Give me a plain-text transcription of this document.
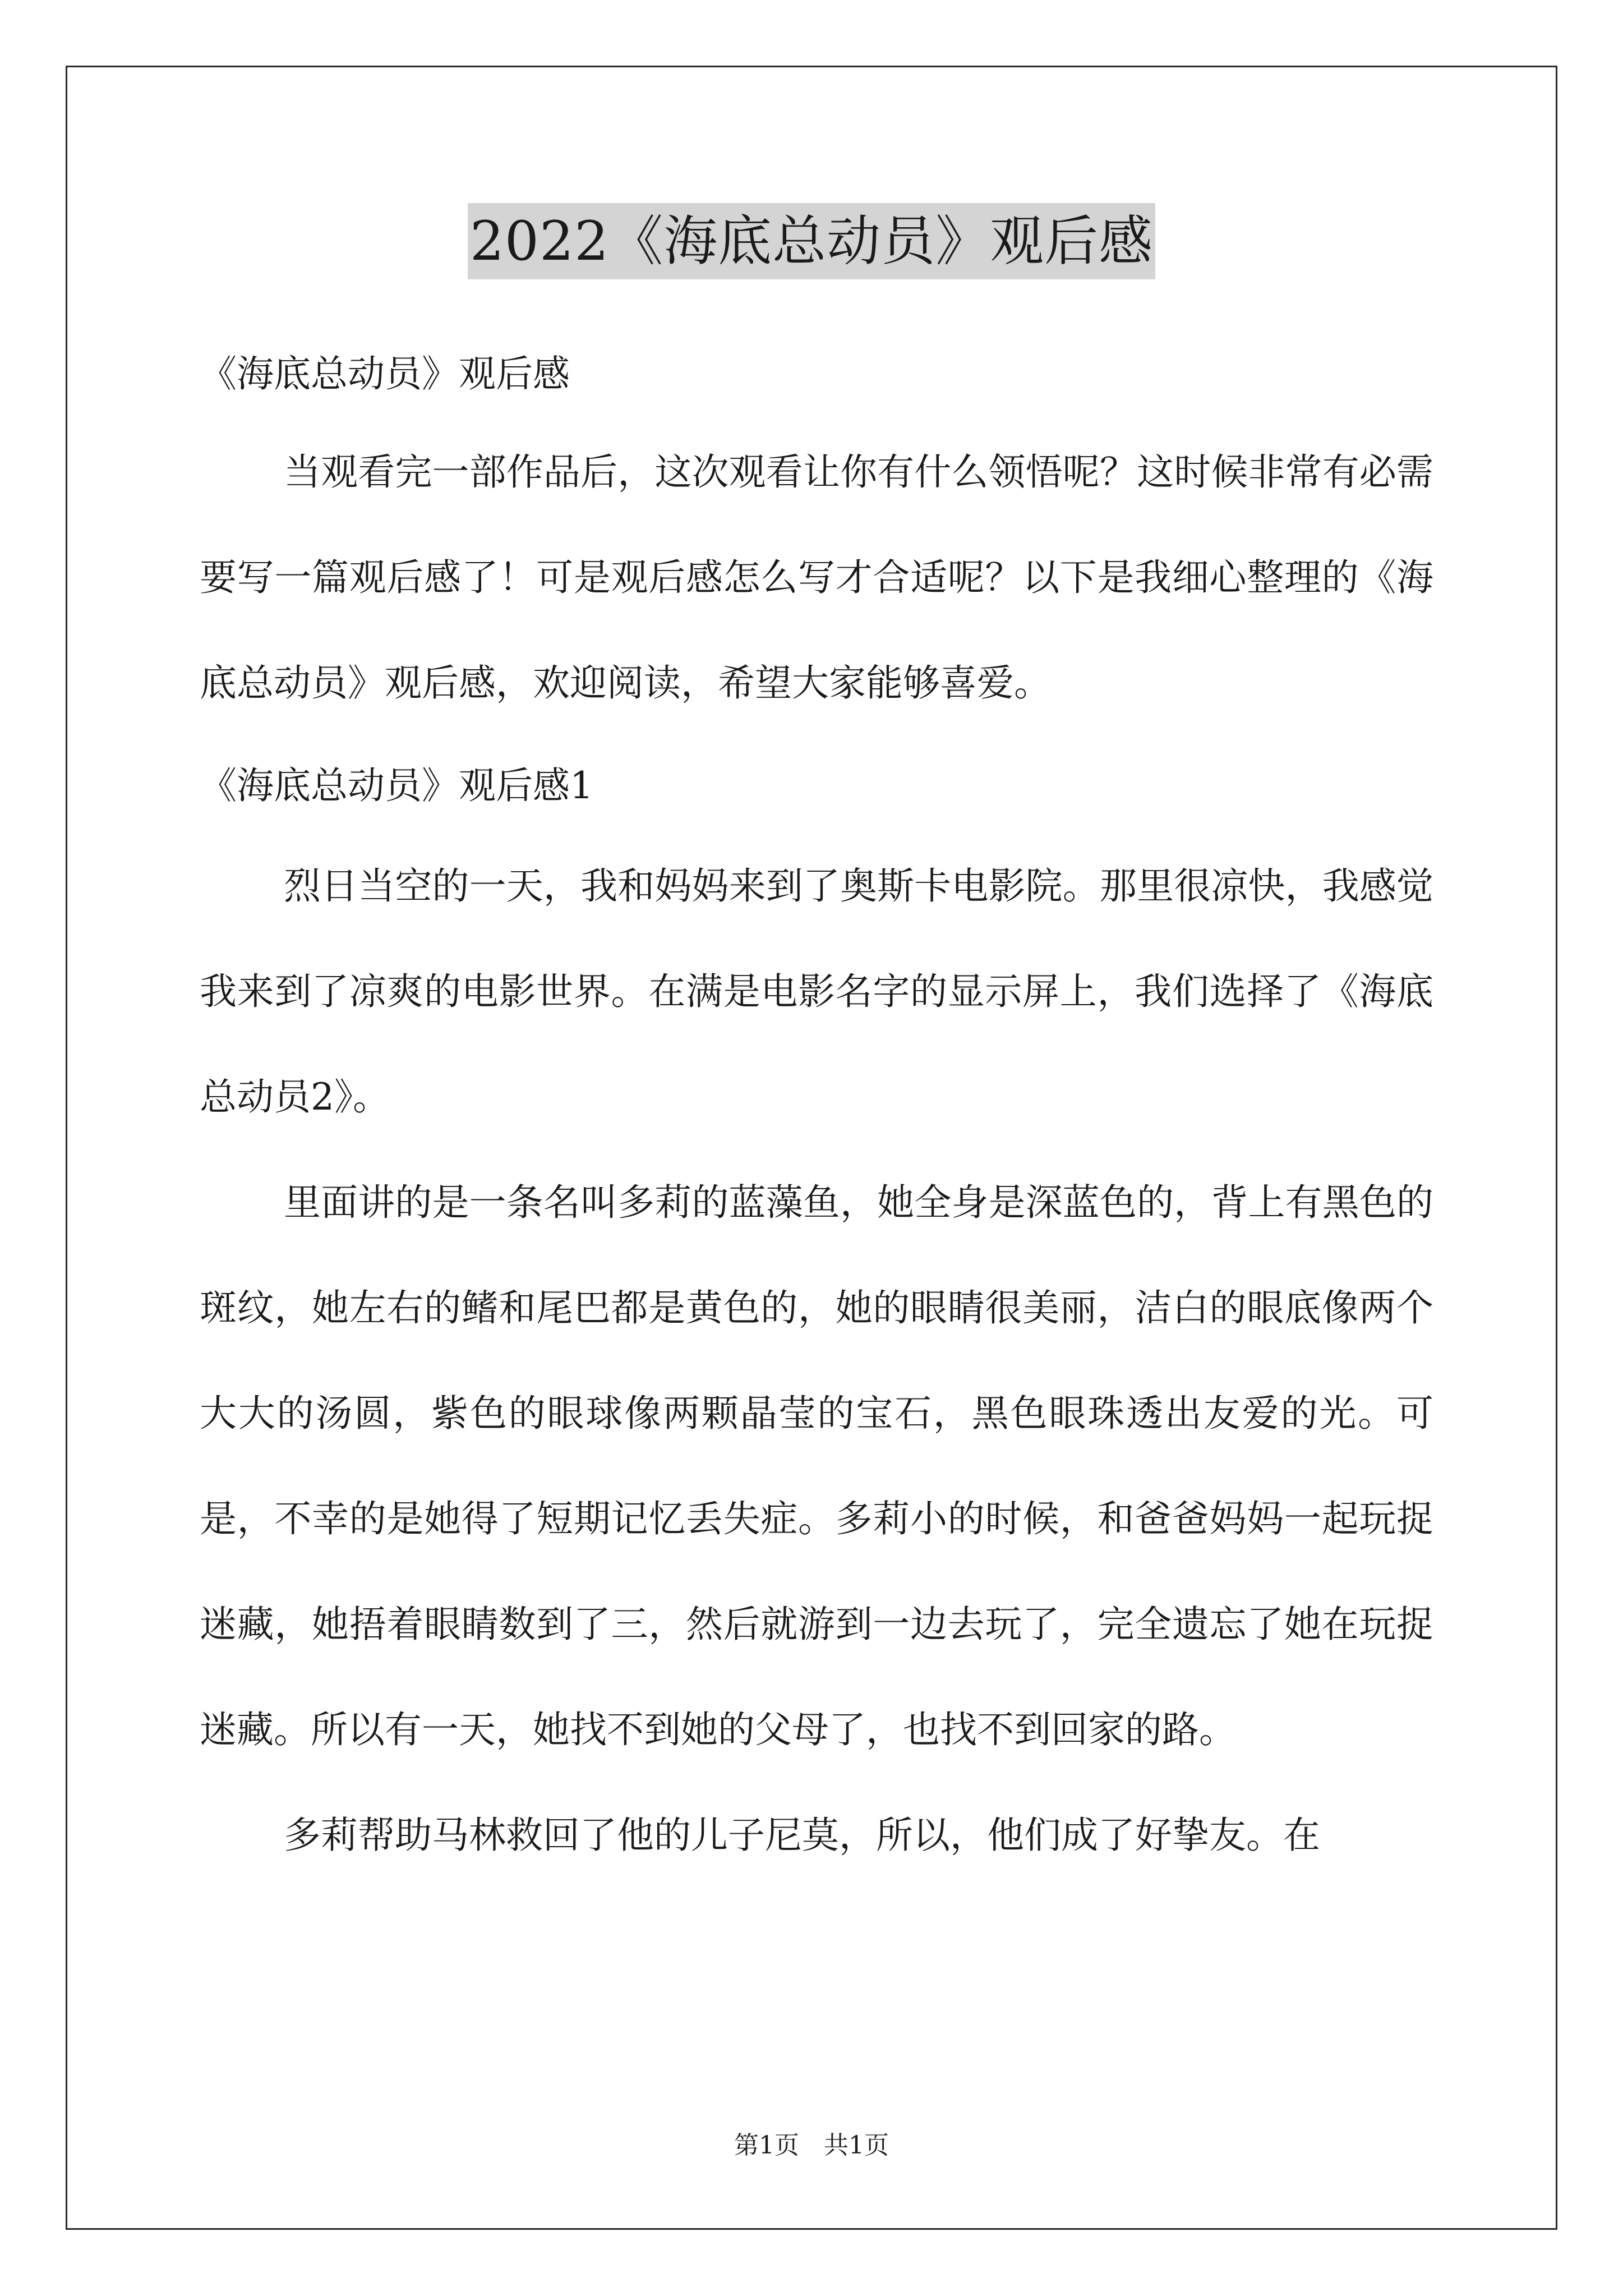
2022《海底总动员》观后感
《海底总动员》观后感

当观看完一部作品后，这次观看让你有什么领悟呢？这时候非常有必需要写一篇观后感了！可是观后感怎么写才合适呢？以下是我细心整理的《海底总动员》观后感，欢迎阅读，希望大家能够喜爱。

《海底总动员》观后感1

烈日当空的一天，我和妈妈来到了奥斯卡电影院。那里很凉快，我感觉我来到了凉爽的电影世界。在满是电影名字的显示屏上，我们选择了《海底总动员2》。

里面讲的是一条名叫多莉的蓝藻鱼，她全身是深蓝色的，背上有黑色的斑纹，她左右的鳍和尾巴都是黄色的，她的眼睛很美丽，洁白的眼底像两个大大的汤圆，紫色的眼球像两颗晶莹的宝石，黑色眼珠透出友爱的光。可是，不幸的是她得了短期记忆丢失症。多莉小的时候，和爸爸妈妈一起玩捉迷藏，她捂着眼睛数到了三，然后就游到一边去玩了，完全遗忘了她在玩捉迷藏。所以有一天，她找不到她的父母了，也找不到回家的路。

多莉帮助马林救回了他的儿子尼莫，所以，他们成了好挚友。在

第1页　共1页
